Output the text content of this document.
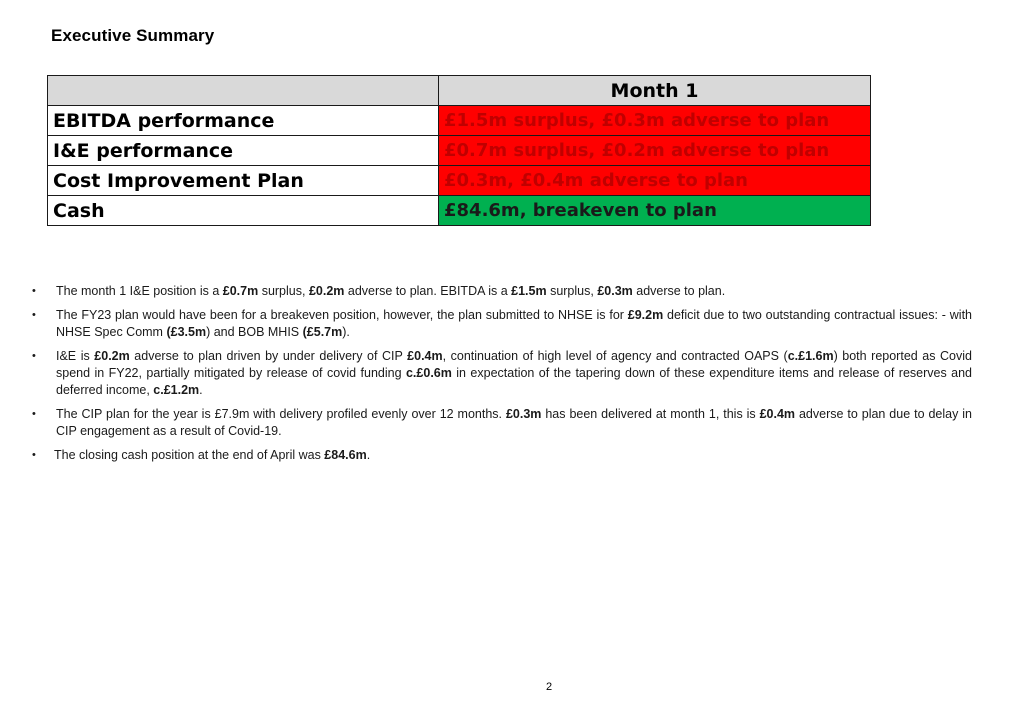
Executive Summary
	Month 1
EBITDA performance	£1.5m surplus, £0.3m adverse to plan
I&E performance	£0.7m surplus, £0.2m adverse to plan
Cost Improvement Plan	£0.3m, £0.4m adverse to plan
Cash	£84.6m, breakeven to plan
• The month 1 I&E position is a £0.7m surplus, £0.2m adverse to plan. EBITDA is a £1.5m surplus, £0.3m adverse to plan.
• The FY23 plan would have been for a breakeven position, however, the plan submitted to NHSE is for £9.2m deficit due to two outstanding contractual issues: - with NHSE Spec Comm (£3.5m) and BOB MHIS (£5.7m).
• I&E is £0.2m adverse to plan driven by under delivery of CIP £0.4m, continuation of high level of agency and contracted OAPS (c.£1.6m) both reported as Covid spend in FY22, partially mitigated by release of covid funding c.£0.6m in expectation of the tapering down of these expenditure items and release of reserves and deferred income, c.£1.2m.
• The CIP plan for the year is £7.9m with delivery profiled evenly over 12 months. £0.3m has been delivered at month 1, this is £0.4m adverse to plan due to delay in CIP engagement as a result of Covid-19.
• The closing cash position at the end of April was £84.6m.
2
